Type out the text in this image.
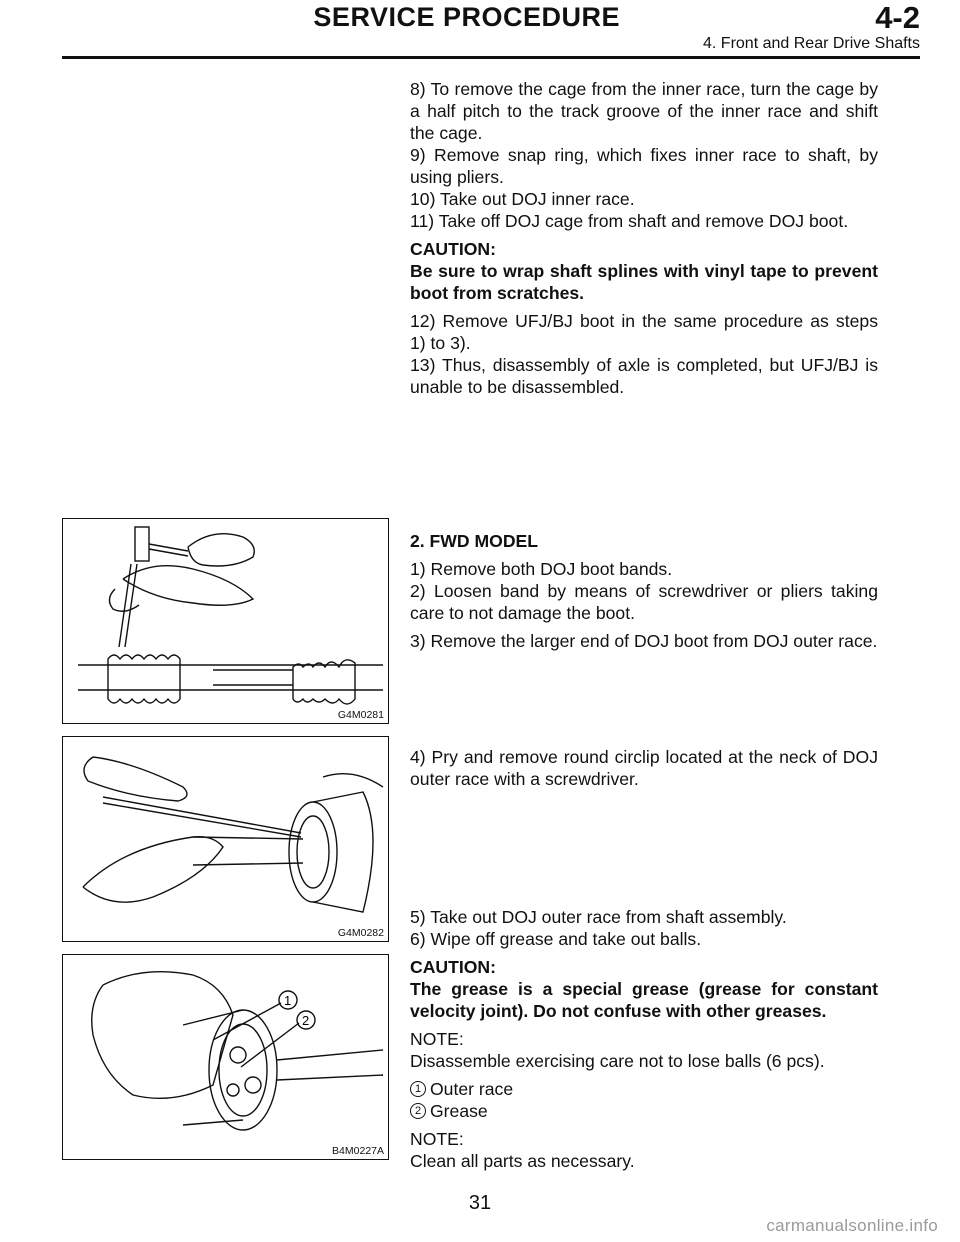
SERVICE PROCEDURE	4-2
4. Front and Rear Drive Shafts

8) To remove the cage from the inner race, turn the cage by a half pitch to the track groove of the inner race and shift the cage.

9) Remove snap ring, which fixes inner race to shaft, by using pliers.

10) Take out DOJ inner race.

11) Take off DOJ cage from shaft and remove DOJ boot.

CAUTION:

Be sure to wrap shaft splines with vinyl tape to prevent boot from scratches.

12) Remove UFJ/BJ boot in the same procedure as steps 1) to 3).

13) Thus, disassembly of axle is completed, but UFJ/BJ is unable to be disassembled.

2. FWD MODEL

1) Remove both DOJ boot bands.

2) Loosen band by means of screwdriver or pliers taking care to not damage the boot.

3) Remove the larger end of DOJ boot from DOJ outer race.

4) Pry and remove round circlip located at the neck of DOJ outer race with a screwdriver.

5) Take out DOJ outer race from shaft assembly.

6) Wipe off grease and take out balls.

CAUTION:

The grease is a special grease (grease for constant velocity joint). Do not confuse with other greases.

NOTE:

Disassemble exercising care not to lose balls (6 pcs).

1 Outer race
2 Grease

NOTE:

Clean all parts as necessary.

G4M0281
G4M0282
1
2
B4M0227A
31
carmanualsonline.info
